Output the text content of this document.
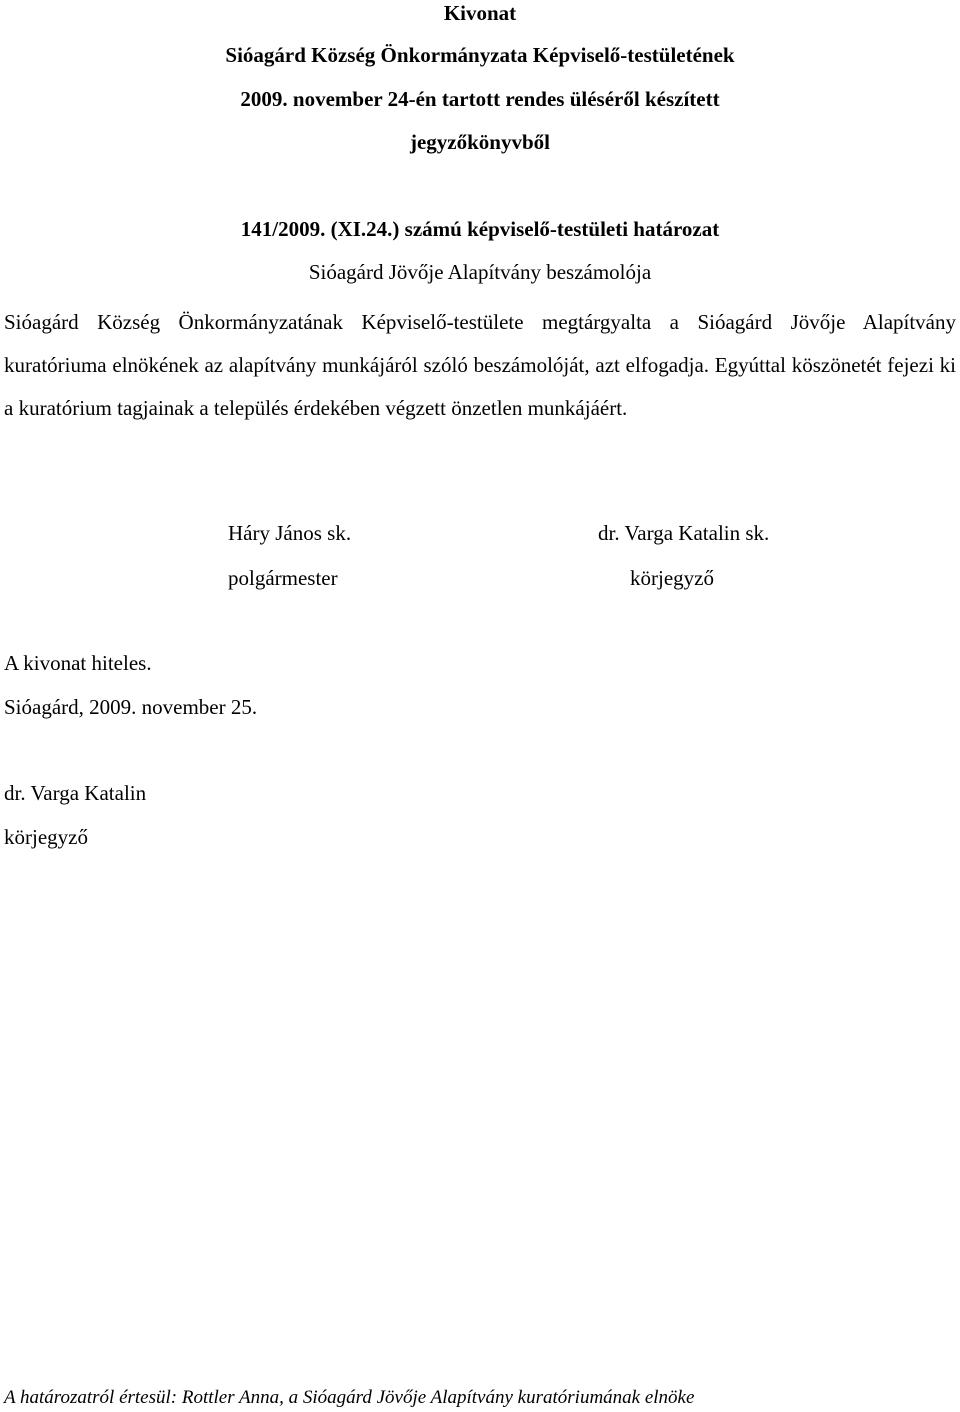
Kivonat
Sióagárd Község Önkormányzata Képviselő-testületének
2009. november 24-én tartott rendes üléséről készített
jegyzőkönyvből
141/2009. (XI.24.) számú képviselő-testületi határozat
Sióagárd Jövője Alapítvány beszámolója

Sióagárd Község Önkormányzatának Képviselő-testülete megtárgyalta a Sióagárd Jövője Alapítvány kuratóriuma elnökének az alapítvány munkájáról szóló beszámolóját, azt elfogadja. Egyúttal köszönetét fejezi ki a kuratórium tagjainak a település érdekében végzett önzetlen munkájáért.

Háry János sk.
polgármester
dr. Varga Katalin sk.
körjegyző
A kivonat hiteles.
Sióagárd, 2009. november 25.
dr. Varga Katalin
körjegyző
A határozatról értesül: Rottler Anna, a Sióagárd Jövője Alapítvány kuratóriumának elnöke
